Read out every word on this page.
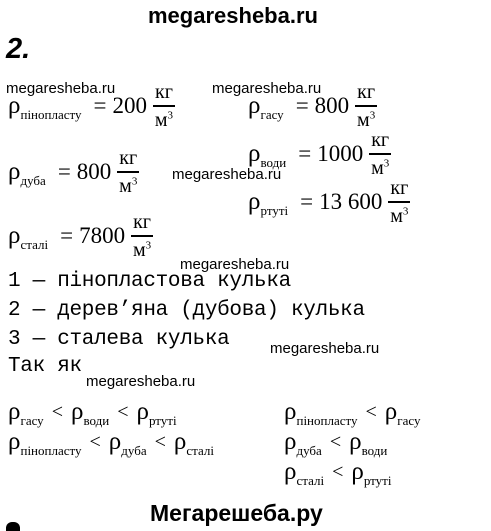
megaresheba.ru
2.
megaresheba.ru	megaresheba.ru
megaresheba.ru
megaresheba.ru
megaresheba.ru
megaresheba.ru
ρ пінопласту = $200 \frac{кг}{м^3}$	ρ гасу = $800 \frac{кг}{м^3}$
ρ дуба = $800 \frac{кг}{м^3}$	ρ води = $1000 \frac{кг}{м^3}$
ρ ртуті = 13 $600 \frac{кг}{м^3}$
ρ сталі = $7800 \frac{кг}{м^3}$
1 — пінопластова кулька
2 — дерев’яна (дубова) кулька
3 — сталева кулька
Так як
ρ гасу < ρ води < ρ ртуті	ρ пінопласту < ρ гасу
ρ пінопласту < ρ дуба < ρ сталі	ρ дуба < ρ води
ρ сталі < ρ ртуті
Мегарешеба.ру
